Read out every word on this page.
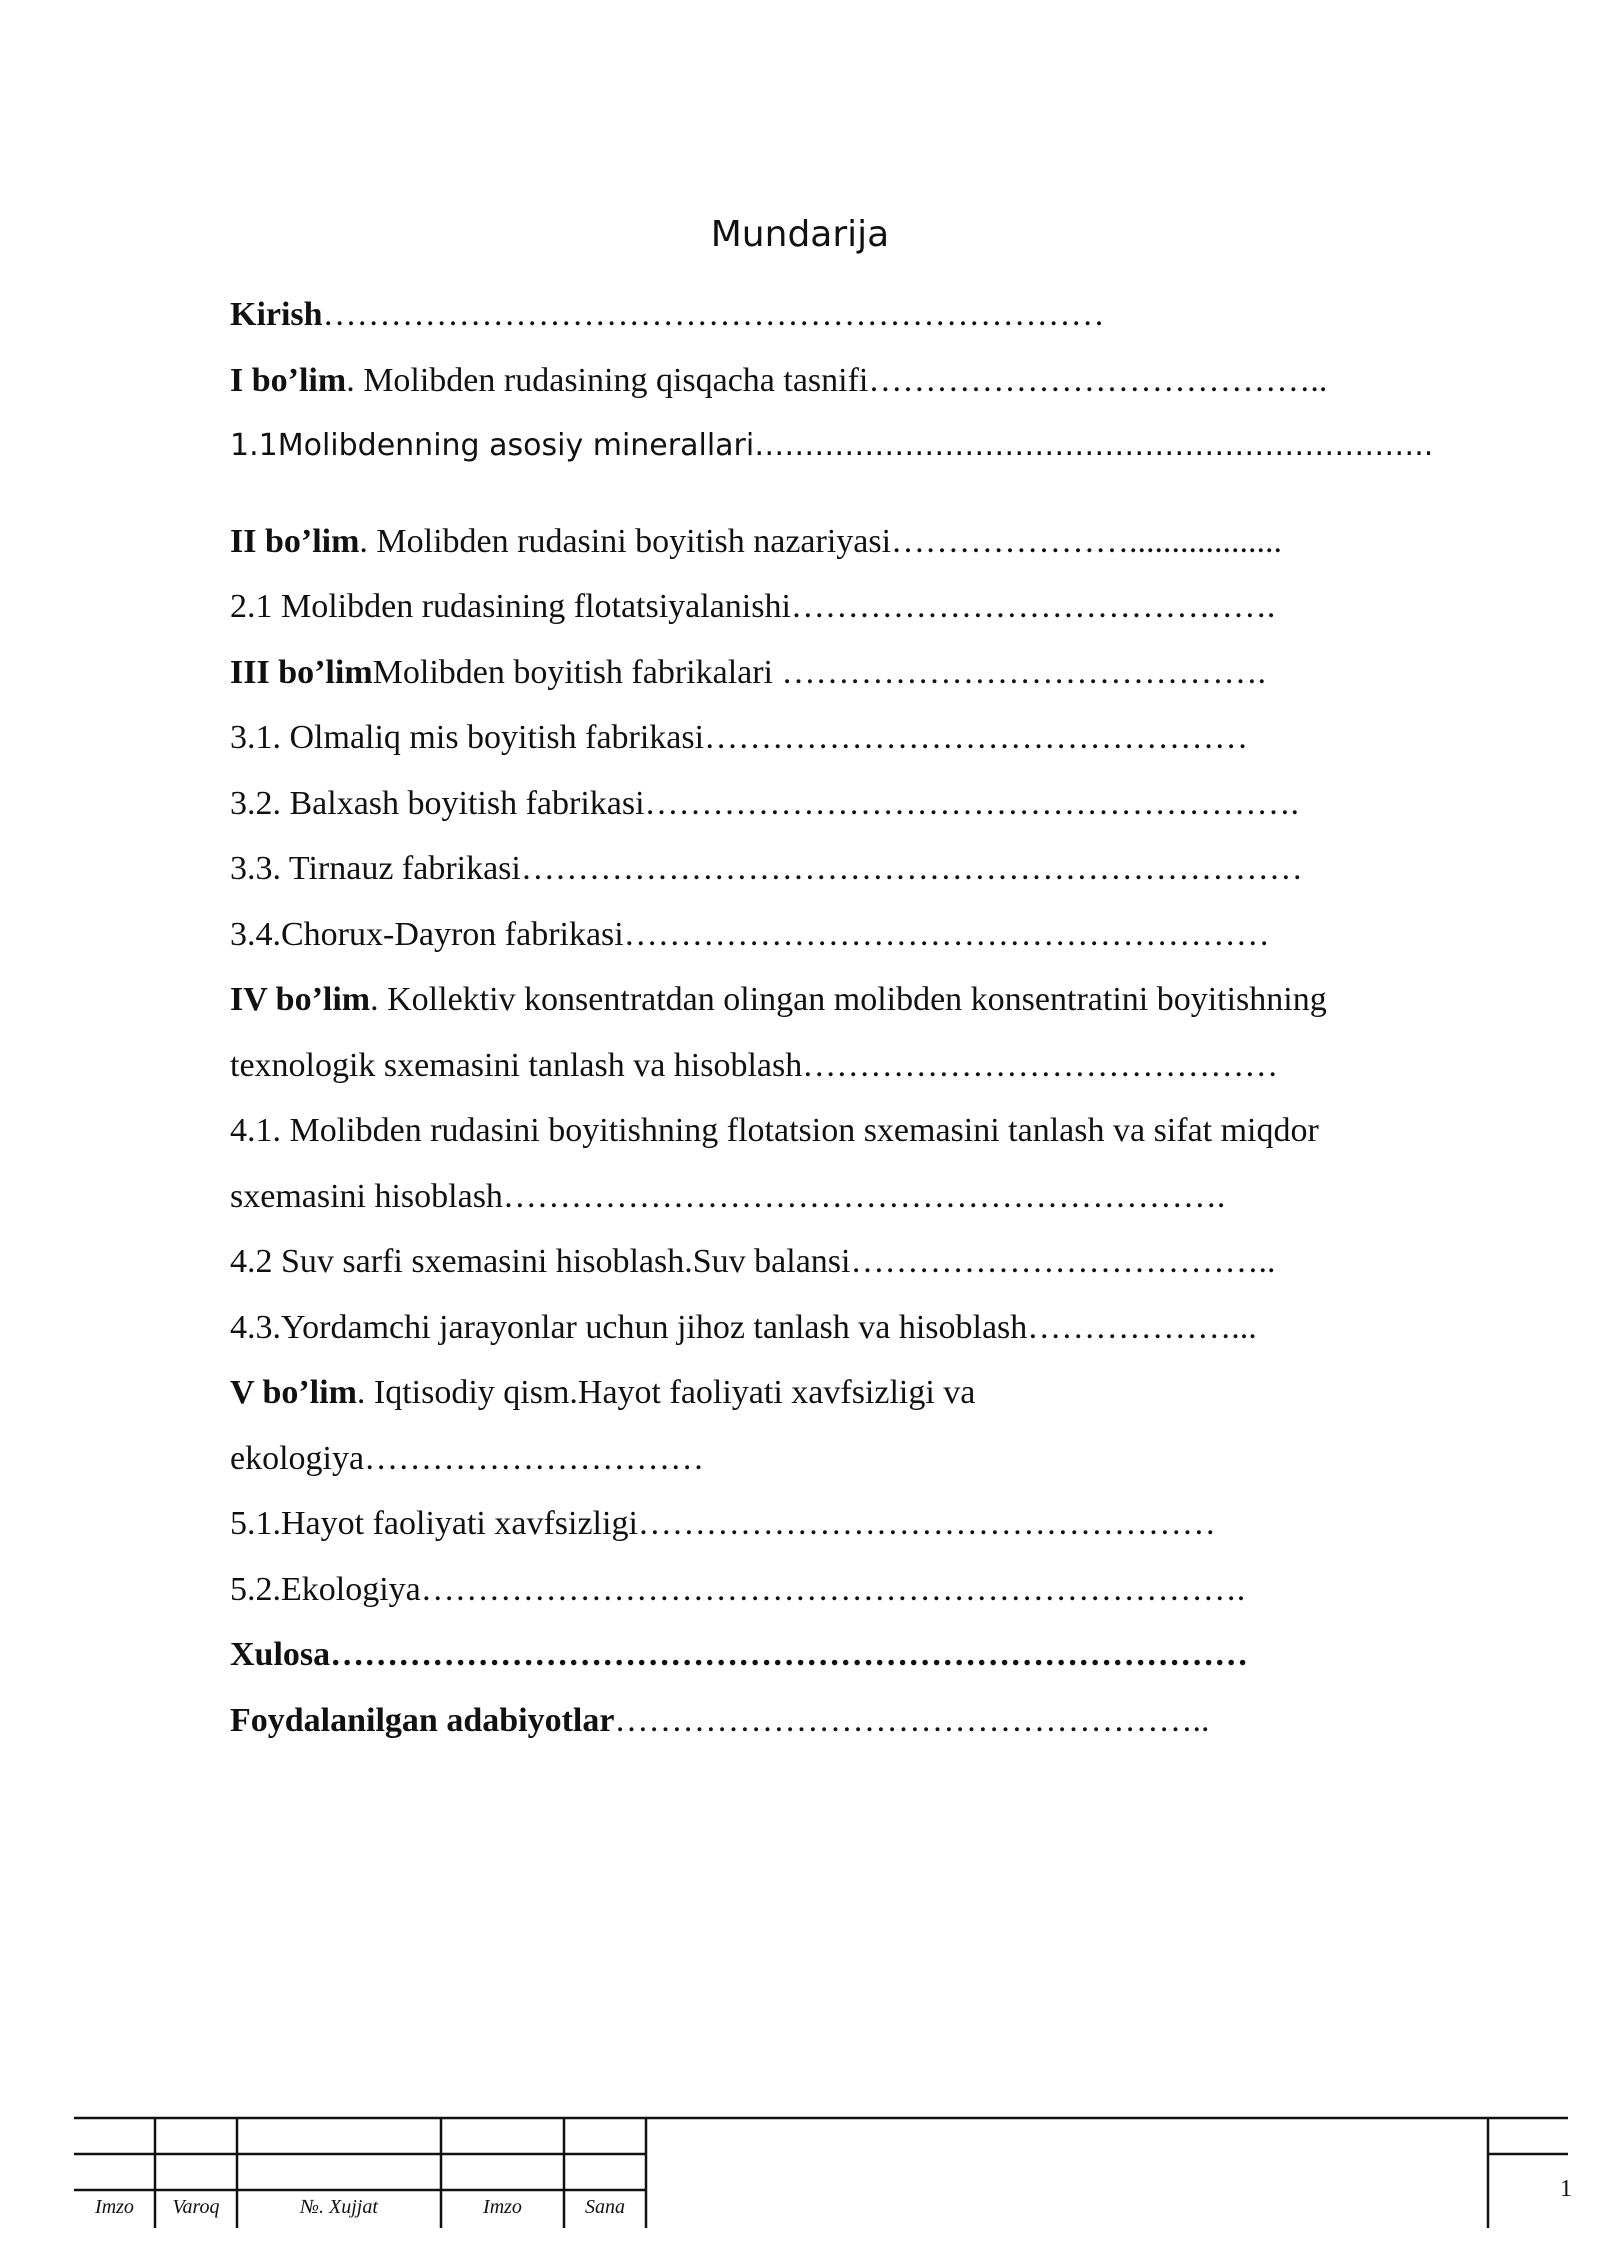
Mundarija
Kirish……………………………………………………………
I bo’lim. Molibden rudasining qisqacha tasnifi…………………………………..
1.1Molibdenning asosiy minerallari…………………………………………………………..
II bo’lim. Molibden rudasini boyitish nazariyasi…………………..................
2.1 Molibden rudasining flotatsiyalanishi…………………………………….
III bo’limMolibden boyitish fabrikalari …………………………………….
3.1. Olmaliq mis boyitish fabrikasi…………………………………………
3.2. Balxash boyitish fabrikasi………………………………………………….
3.3. Tirnauz fabrikasi……………………………………………………………
3.4.Chorux-Dayron fabrikasi…………………………………………………
IV bo’lim. Kollektiv konsentratdan olingan molibden konsentratini boyitishning
texnologik sxemasini tanlash va hisoblash……………………………………
4.1. Molibden rudasini boyitishning flotatsion sxemasini tanlash va sifat miqdor
sxemasini hisoblash……………………………………………………….
4.2 Suv sarfi sxemasini hisoblash.Suv balansi………………………………..
4.3.Yordamchi jarayonlar uchun jihoz tanlash va hisoblash………………...
V bo’lim. Iqtisodiy qism.Hayot faoliyati xavfsizligi va
ekologiya…………………………
5.1.Hayot faoliyati xavfsizligi……………………………………………
5.2.Ekologiya……………………………………………………………….
Xulosa………………………………………………………………………
Foydalanilgan adabiyotlar……………………………………………..
Imzo	Varoq	№. Xujjat	Imzo	Sana
1
